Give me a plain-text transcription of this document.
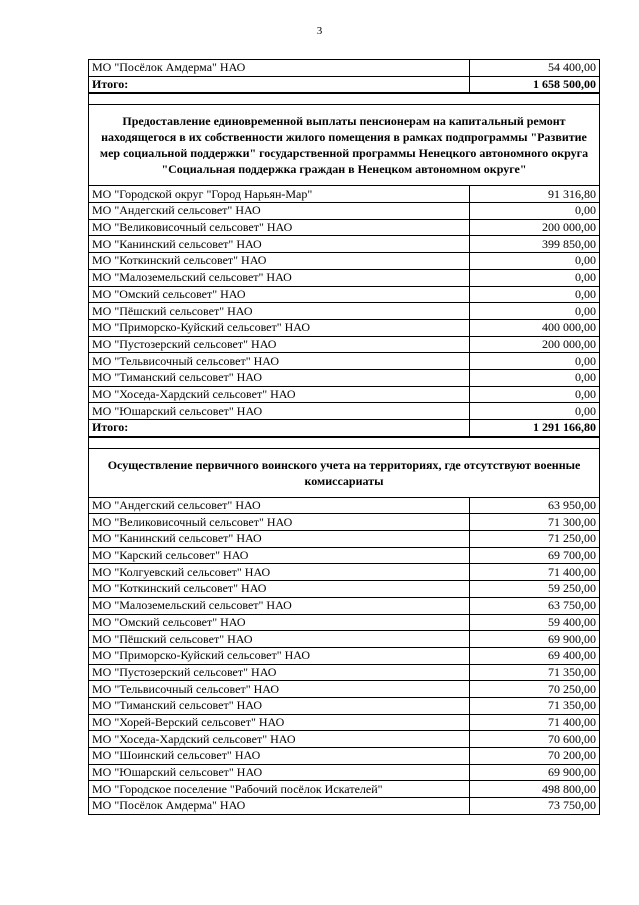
3
МО "Посёлок Амдерма" НАО	54 400,00
Итого:	1 658 500,00

Предоставление единовременной выплаты пенсионерам на капитальный ремонт находящегося в их собственности жилого помещения в рамках подпрограммы "Развитие мер социальной поддержки" государственной программы Ненецкого автономного округа "Социальная поддержка граждан в Ненецком автономном округе"	
МО "Городской округ "Город Нарьян-Мар"	91 316,80
МО "Андегский сельсовет" НАО	0,00
МО "Великовисочный сельсовет" НАО	200 000,00
МО "Канинский сельсовет" НАО	399 850,00
МО "Коткинский сельсовет" НАО	0,00
МО "Малоземельский сельсовет" НАО	0,00
МО "Омский сельсовет" НАО	0,00
МО "Пёшский сельсовет" НАО	0,00
МО "Приморско-Куйский сельсовет" НАО	400 000,00
МО "Пустозерский сельсовет" НАО	200 000,00
МО "Тельвисочный сельсовет" НАО	0,00
МО "Тиманский сельсовет" НАО	0,00
МО "Хоседа-Хардский сельсовет" НАО	0,00
МО "Юшарский сельсовет" НАО	0,00
Итого:	1 291 166,80

Осуществление первичного воинского учета на территориях, где отсутствуют военные комиссариаты	
МО "Андегский сельсовет" НАО	63 950,00
МО "Великовисочный сельсовет" НАО	71 300,00
МО "Канинский сельсовет" НАО	71 250,00
МО "Карский сельсовет" НАО	69 700,00
МО "Колгуевский сельсовет" НАО	71 400,00
МО "Коткинский сельсовет" НАО	59 250,00
МО "Малоземельский сельсовет" НАО	63 750,00
МО "Омский сельсовет" НАО	59 400,00
МО "Пёшский сельсовет" НАО	69 900,00
МО "Приморско-Куйский сельсовет" НАО	69 400,00
МО "Пустозерский сельсовет" НАО	71 350,00
МО "Тельвисочный сельсовет" НАО	70 250,00
МО "Тиманский сельсовет" НАО	71 350,00
МО "Хорей-Верский сельсовет" НАО	71 400,00
МО "Хоседа-Хардский сельсовет" НАО	70 600,00
МО "Шоинский сельсовет" НАО	70 200,00
МО "Юшарский сельсовет" НАО	69 900,00
МО "Городское поселение "Рабочий посёлок Искателей"	498 800,00
МО "Посёлок Амдерма" НАО	73 750,00
